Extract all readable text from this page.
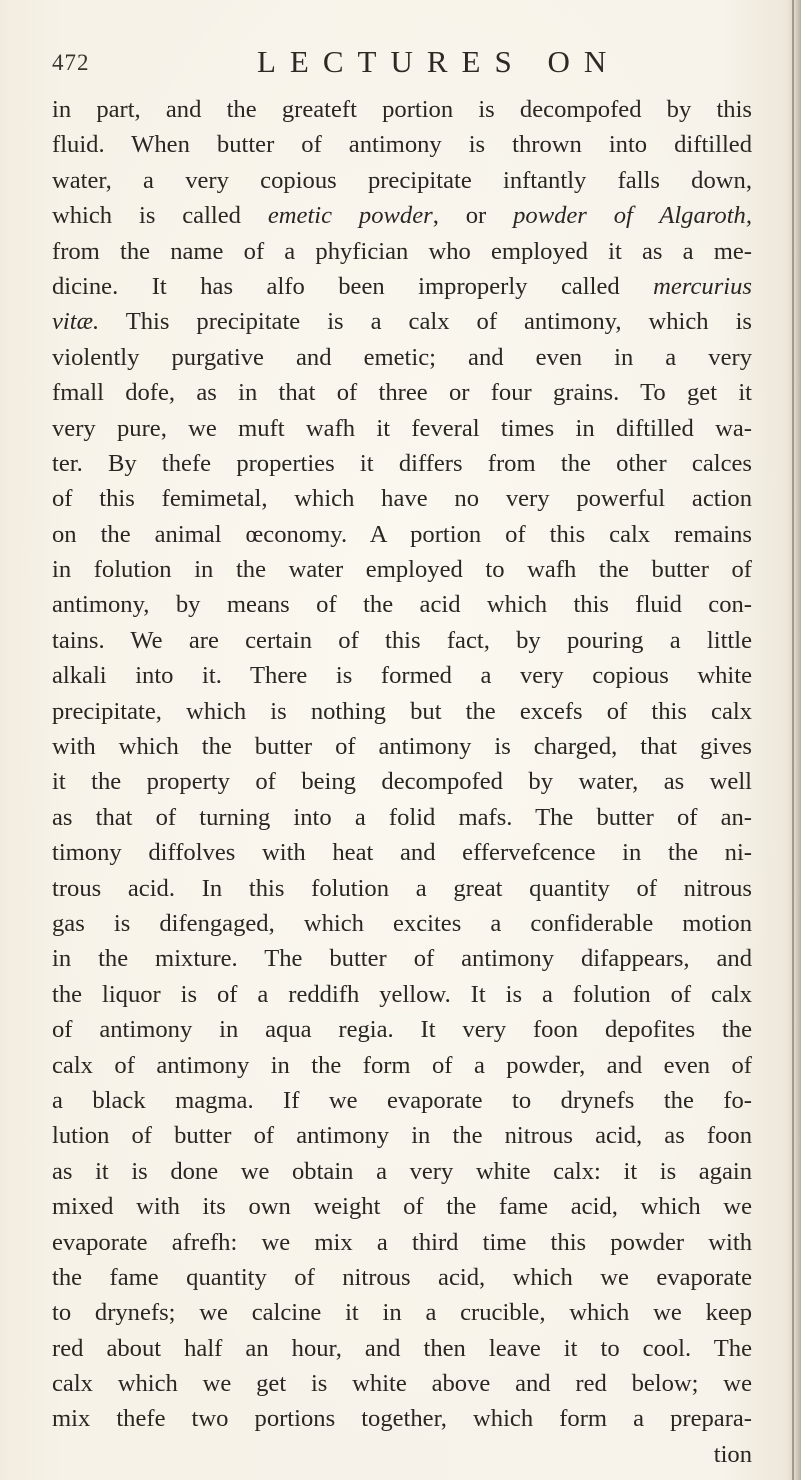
472	LECTURES ON
in part, and the greateft portion is decompofed by this
fluid. When butter of antimony is thrown into diftilled
water, a very copious precipitate inftantly falls down,
which is called emetic powder, or powder of Algaroth,
from the name of a phyfician who employed it as a me-
dicine. It has alfo been improperly called mercurius
vitæ. This precipitate is a calx of antimony, which is
violently purgative and emetic; and even in a very
fmall dofe, as in that of three or four grains. To get it
very pure, we muft wafh it feveral times in diftilled wa-
ter. By thefe properties it differs from the other calces
of this femimetal, which have no very powerful action
on the animal œconomy. A portion of this calx remains
in folution in the water employed to wafh the butter of
antimony, by means of the acid which this fluid con-
tains. We are certain of this fact, by pouring a little
alkali into it. There is formed a very copious white
precipitate, which is nothing but the excefs of this calx
with which the butter of antimony is charged, that gives
it the property of being decompofed by water, as well
as that of turning into a folid mafs. The butter of an-
timony diffolves with heat and effervefcence in the ni-
trous acid. In this folution a great quantity of nitrous
gas is difengaged, which excites a confiderable motion
in the mixture. The butter of antimony difappears, and
the liquor is of a reddifh yellow. It is a folution of calx
of antimony in aqua regia. It very foon depofites the
calx of antimony in the form of a powder, and even of
a black magma. If we evaporate to drynefs the fo-
lution of butter of antimony in the nitrous acid, as foon
as it is done we obtain a very white calx: it is again
mixed with its own weight of the fame acid, which we
evaporate afrefh: we mix a third time this powder with
the fame quantity of nitrous acid, which we evaporate
to drynefs; we calcine it in a crucible, which we keep
red about half an hour, and then leave it to cool. The
calx which we get is white above and red below; we
mix thefe two portions together, which form a prepara-
tion
